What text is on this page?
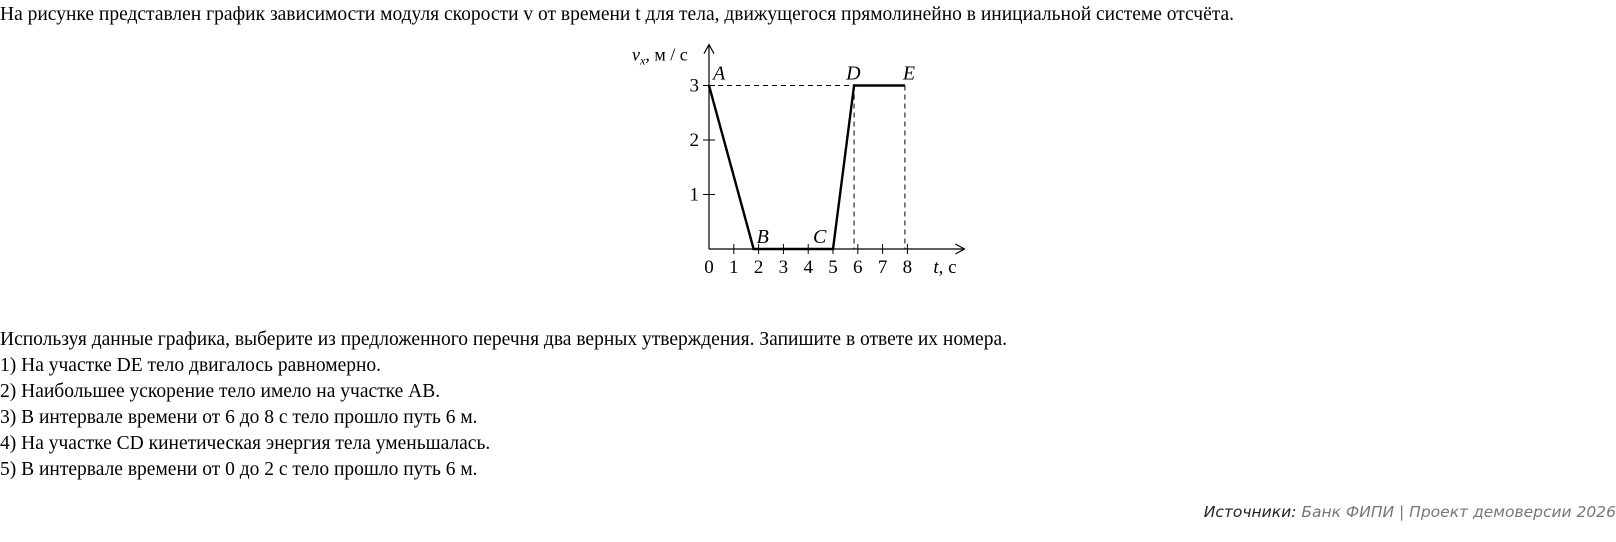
На рисунке представлен график зависимости модуля скорости v от времени t для тела, движущегося прямолинейно в инициальной системе отсчёта.
0 1 2 3 4 5 6 7 8
1
2
3
t, с
$v_x$, м / с
A
B C
D E
Используя данные графика, выберите из предложенного перечня два верных утверждения. Запишите в ответе их номера.
1) На участке DE тело двигалось равномерно.
2) Наибольшее ускорение тело имело на участке AB.
3) В интервале времени от 6 до 8 с тело прошло путь 6 м.
4) На участке CD кинетическая энергия тела уменьшалась.
5) В интервале времени от 0 до 2 с тело прошло путь 6 м.
Источники: Банк ФИПИ | Проект демоверсии 2026
